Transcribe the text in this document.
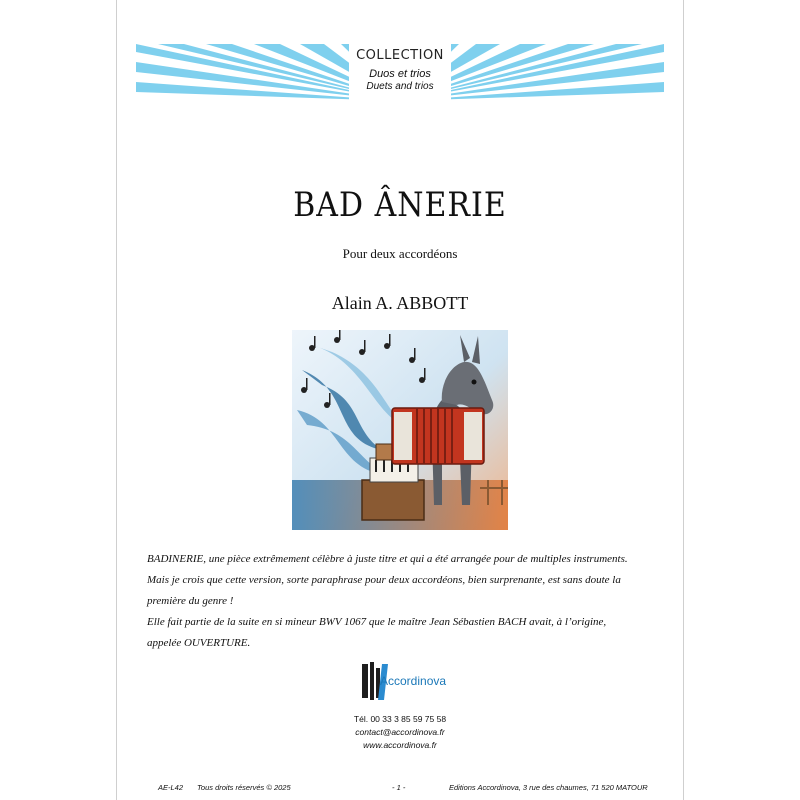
COLLECTION
Duos et trios
Duets and trios
BAD ÂNERIE
Pour deux accordéons
Alain A. ABBOTT

BADINERIE, une pièce extrêmement célèbre à juste titre et qui a été arrangée pour de multiples instruments.

Mais je crois que cette version, sorte paraphrase pour deux accordéons, bien surprenante, est sans doute la

première du genre !

Elle fait partie de la suite en si mineur BWV 1067 que le maître Jean Sébastien BACH avait, à l’origine,

appelée OUVERTURE.

Accordinova
Tél. 00 33 3 85 59 75 58
contact@accordinova.fr
www.accordinova.fr
AE-L42 Tous droits réservés © 2025	- 1 -	Editions Accordinova, 3 rue des chaumes, 71 520 MATOUR
